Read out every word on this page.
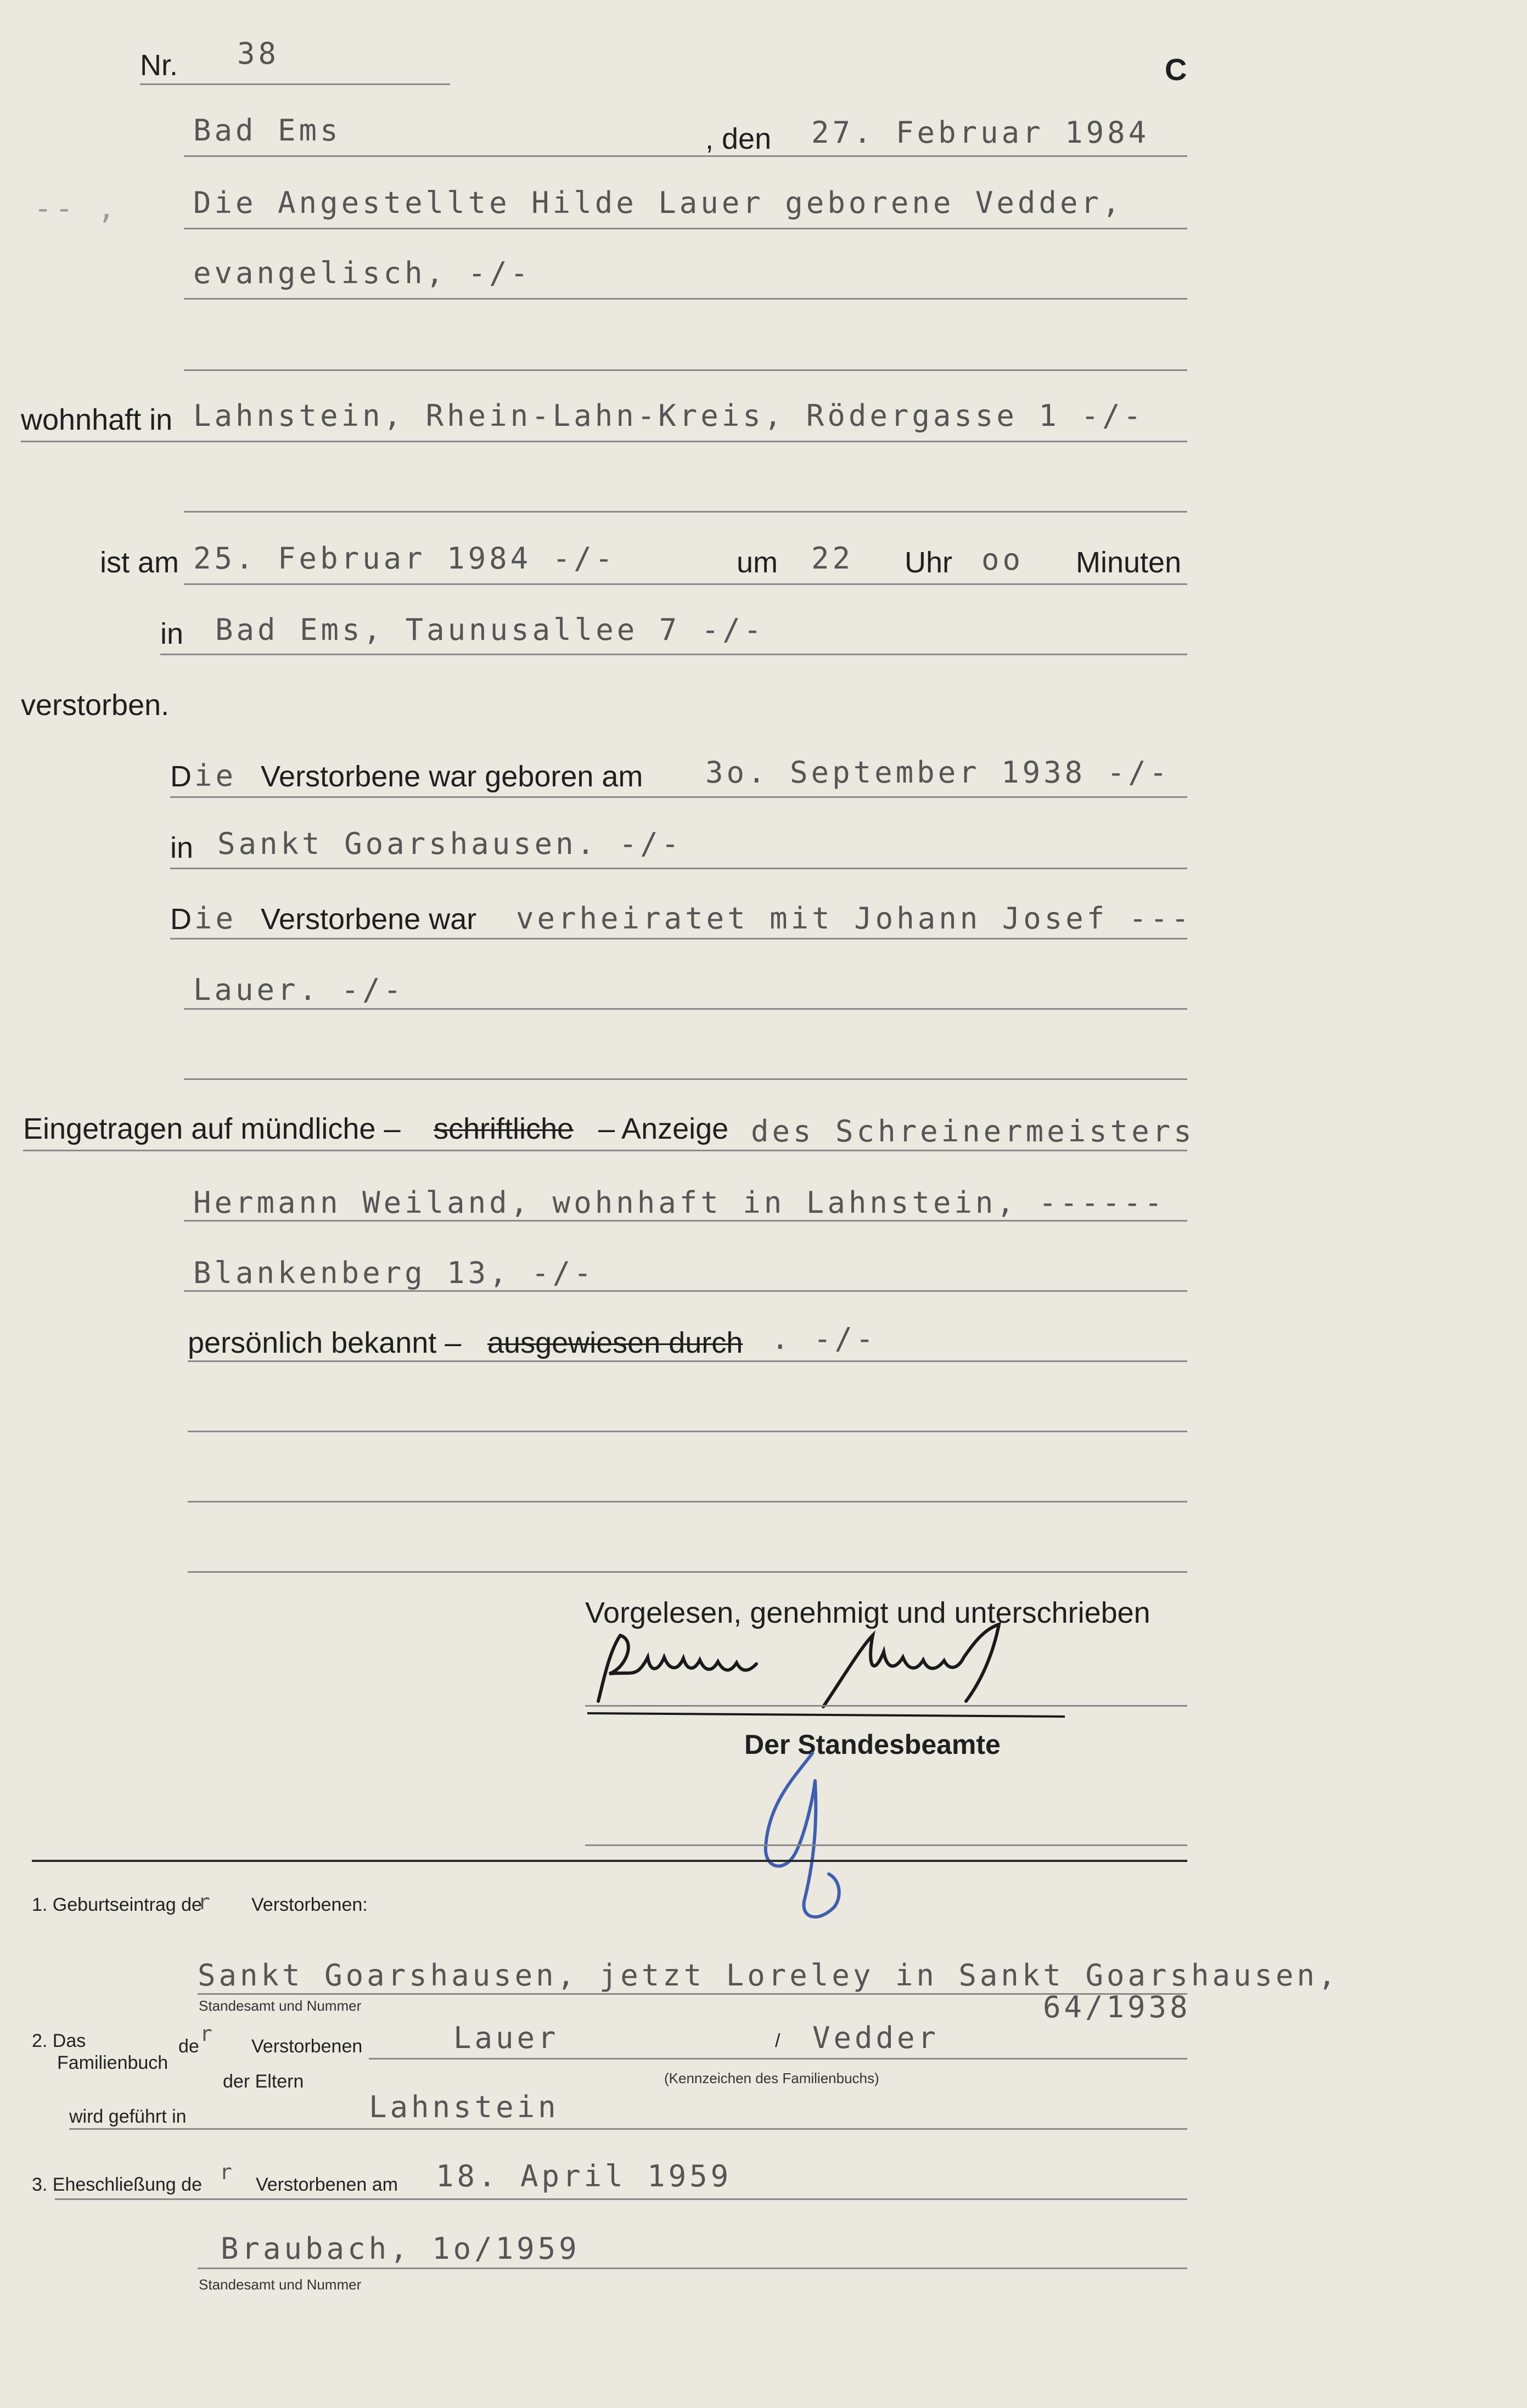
Nr. 38	C
Bad Ems	, den 27. Februar 1984
-- ,	Die Angestellte Hilde Lauer geborene Vedder,
evangelisch, -/-
wohnhaft in Lahnstein, Rhein-Lahn-Kreis, Rödergasse 1 -/-
ist am 25. Februar 1984 -/-	um 22 Uhr oo Minuten
in Bad Ems, Taunusallee 7 -/-
verstorben.
D ie Verstorbene war geboren am 3o. September 1938 -/-
in Sankt Goarshausen. -/-
D ie Verstorbene war verheiratet mit Johann Josef ---
Lauer. -/-
Eingetragen auf mündliche – schriftliche – Anzeige des Schreinermeisters
Hermann Weiland, wohnhaft in Lahnstein, ------
Blankenberg 13, -/-
persönlich bekannt – ausgewiesen durch . -/-
Vorgelesen, genehmigt und unterschrieben
Der Standesbeamte
1. Geburtseintrag de
r Verstorbenen:
Sankt Goarshausen, jetzt Loreley in Sankt Goarshausen,
Standesamt und Nummer	64/1938
2. Das
Familienbuch
de
r
Verstorbenen	Lauer	/ Vedder
der Eltern	(Kennzeichen des Familienbuchs)
wird geführt in	Lahnstein
3. Eheschließung de
r
Verstorbenen am 18. April 1959
Braubach, 1o/1959
Standesamt und Nummer
